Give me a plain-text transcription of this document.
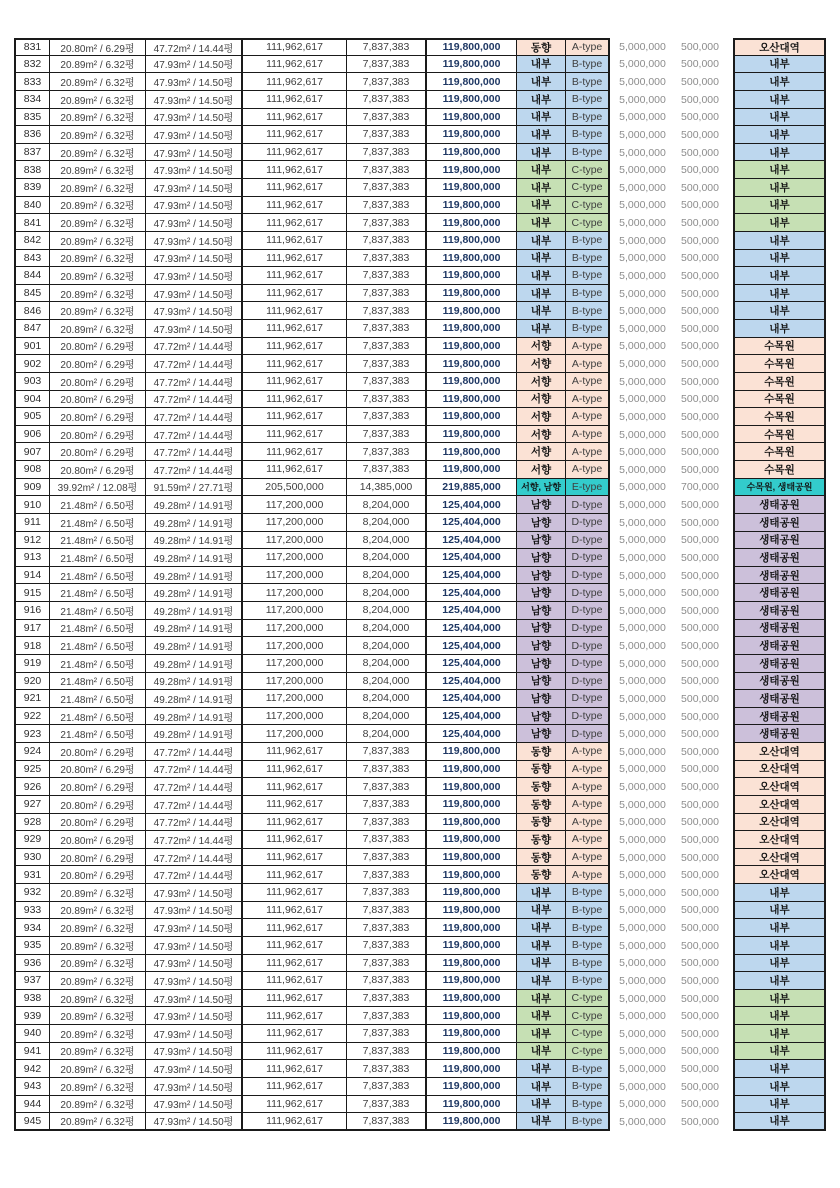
831	20.80m² / 6.29평	47.72m² / 14.44평	111,962,617	7,837,383	119,800,000	동향	A-type	5,000,000	500,000	오산대역
832	20.89m² / 6.32평	47.93m² / 14.50평	111,962,617	7,837,383	119,800,000	내부	B-type	5,000,000	500,000	내부
833	20.89m² / 6.32평	47.93m² / 14.50평	111,962,617	7,837,383	119,800,000	내부	B-type	5,000,000	500,000	내부
834	20.89m² / 6.32평	47.93m² / 14.50평	111,962,617	7,837,383	119,800,000	내부	B-type	5,000,000	500,000	내부
835	20.89m² / 6.32평	47.93m² / 14.50평	111,962,617	7,837,383	119,800,000	내부	B-type	5,000,000	500,000	내부
836	20.89m² / 6.32평	47.93m² / 14.50평	111,962,617	7,837,383	119,800,000	내부	B-type	5,000,000	500,000	내부
837	20.89m² / 6.32평	47.93m² / 14.50평	111,962,617	7,837,383	119,800,000	내부	B-type	5,000,000	500,000	내부
838	20.89m² / 6.32평	47.93m² / 14.50평	111,962,617	7,837,383	119,800,000	내부	C-type	5,000,000	500,000	내부
839	20.89m² / 6.32평	47.93m² / 14.50평	111,962,617	7,837,383	119,800,000	내부	C-type	5,000,000	500,000	내부
840	20.89m² / 6.32평	47.93m² / 14.50평	111,962,617	7,837,383	119,800,000	내부	C-type	5,000,000	500,000	내부
841	20.89m² / 6.32평	47.93m² / 14.50평	111,962,617	7,837,383	119,800,000	내부	C-type	5,000,000	500,000	내부
842	20.89m² / 6.32평	47.93m² / 14.50평	111,962,617	7,837,383	119,800,000	내부	B-type	5,000,000	500,000	내부
843	20.89m² / 6.32평	47.93m² / 14.50평	111,962,617	7,837,383	119,800,000	내부	B-type	5,000,000	500,000	내부
844	20.89m² / 6.32평	47.93m² / 14.50평	111,962,617	7,837,383	119,800,000	내부	B-type	5,000,000	500,000	내부
845	20.89m² / 6.32평	47.93m² / 14.50평	111,962,617	7,837,383	119,800,000	내부	B-type	5,000,000	500,000	내부
846	20.89m² / 6.32평	47.93m² / 14.50평	111,962,617	7,837,383	119,800,000	내부	B-type	5,000,000	500,000	내부
847	20.89m² / 6.32평	47.93m² / 14.50평	111,962,617	7,837,383	119,800,000	내부	B-type	5,000,000	500,000	내부
901	20.80m² / 6.29평	47.72m² / 14.44평	111,962,617	7,837,383	119,800,000	서향	A-type	5,000,000	500,000	수목원
902	20.80m² / 6.29평	47.72m² / 14.44평	111,962,617	7,837,383	119,800,000	서향	A-type	5,000,000	500,000	수목원
903	20.80m² / 6.29평	47.72m² / 14.44평	111,962,617	7,837,383	119,800,000	서향	A-type	5,000,000	500,000	수목원
904	20.80m² / 6.29평	47.72m² / 14.44평	111,962,617	7,837,383	119,800,000	서향	A-type	5,000,000	500,000	수목원
905	20.80m² / 6.29평	47.72m² / 14.44평	111,962,617	7,837,383	119,800,000	서향	A-type	5,000,000	500,000	수목원
906	20.80m² / 6.29평	47.72m² / 14.44평	111,962,617	7,837,383	119,800,000	서향	A-type	5,000,000	500,000	수목원
907	20.80m² / 6.29평	47.72m² / 14.44평	111,962,617	7,837,383	119,800,000	서향	A-type	5,000,000	500,000	수목원
908	20.80m² / 6.29평	47.72m² / 14.44평	111,962,617	7,837,383	119,800,000	서향	A-type	5,000,000	500,000	수목원
909	39.92m² / 12.08평	91.59m² / 27.71평	205,500,000	14,385,000	219,885,000	서향, 남향	E-type	5,000,000	700,000	수목원, 생태공원
910	21.48m² / 6.50평	49.28m² / 14.91평	117,200,000	8,204,000	125,404,000	남향	D-type	5,000,000	500,000	생태공원
911	21.48m² / 6.50평	49.28m² / 14.91평	117,200,000	8,204,000	125,404,000	남향	D-type	5,000,000	500,000	생태공원
912	21.48m² / 6.50평	49.28m² / 14.91평	117,200,000	8,204,000	125,404,000	남향	D-type	5,000,000	500,000	생태공원
913	21.48m² / 6.50평	49.28m² / 14.91평	117,200,000	8,204,000	125,404,000	남향	D-type	5,000,000	500,000	생태공원
914	21.48m² / 6.50평	49.28m² / 14.91평	117,200,000	8,204,000	125,404,000	남향	D-type	5,000,000	500,000	생태공원
915	21.48m² / 6.50평	49.28m² / 14.91평	117,200,000	8,204,000	125,404,000	남향	D-type	5,000,000	500,000	생태공원
916	21.48m² / 6.50평	49.28m² / 14.91평	117,200,000	8,204,000	125,404,000	남향	D-type	5,000,000	500,000	생태공원
917	21.48m² / 6.50평	49.28m² / 14.91평	117,200,000	8,204,000	125,404,000	남향	D-type	5,000,000	500,000	생태공원
918	21.48m² / 6.50평	49.28m² / 14.91평	117,200,000	8,204,000	125,404,000	남향	D-type	5,000,000	500,000	생태공원
919	21.48m² / 6.50평	49.28m² / 14.91평	117,200,000	8,204,000	125,404,000	남향	D-type	5,000,000	500,000	생태공원
920	21.48m² / 6.50평	49.28m² / 14.91평	117,200,000	8,204,000	125,404,000	남향	D-type	5,000,000	500,000	생태공원
921	21.48m² / 6.50평	49.28m² / 14.91평	117,200,000	8,204,000	125,404,000	남향	D-type	5,000,000	500,000	생태공원
922	21.48m² / 6.50평	49.28m² / 14.91평	117,200,000	8,204,000	125,404,000	남향	D-type	5,000,000	500,000	생태공원
923	21.48m² / 6.50평	49.28m² / 14.91평	117,200,000	8,204,000	125,404,000	남향	D-type	5,000,000	500,000	생태공원
924	20.80m² / 6.29평	47.72m² / 14.44평	111,962,617	7,837,383	119,800,000	동향	A-type	5,000,000	500,000	오산대역
925	20.80m² / 6.29평	47.72m² / 14.44평	111,962,617	7,837,383	119,800,000	동향	A-type	5,000,000	500,000	오산대역
926	20.80m² / 6.29평	47.72m² / 14.44평	111,962,617	7,837,383	119,800,000	동향	A-type	5,000,000	500,000	오산대역
927	20.80m² / 6.29평	47.72m² / 14.44평	111,962,617	7,837,383	119,800,000	동향	A-type	5,000,000	500,000	오산대역
928	20.80m² / 6.29평	47.72m² / 14.44평	111,962,617	7,837,383	119,800,000	동향	A-type	5,000,000	500,000	오산대역
929	20.80m² / 6.29평	47.72m² / 14.44평	111,962,617	7,837,383	119,800,000	동향	A-type	5,000,000	500,000	오산대역
930	20.80m² / 6.29평	47.72m² / 14.44평	111,962,617	7,837,383	119,800,000	동향	A-type	5,000,000	500,000	오산대역
931	20.80m² / 6.29평	47.72m² / 14.44평	111,962,617	7,837,383	119,800,000	동향	A-type	5,000,000	500,000	오산대역
932	20.89m² / 6.32평	47.93m² / 14.50평	111,962,617	7,837,383	119,800,000	내부	B-type	5,000,000	500,000	내부
933	20.89m² / 6.32평	47.93m² / 14.50평	111,962,617	7,837,383	119,800,000	내부	B-type	5,000,000	500,000	내부
934	20.89m² / 6.32평	47.93m² / 14.50평	111,962,617	7,837,383	119,800,000	내부	B-type	5,000,000	500,000	내부
935	20.89m² / 6.32평	47.93m² / 14.50평	111,962,617	7,837,383	119,800,000	내부	B-type	5,000,000	500,000	내부
936	20.89m² / 6.32평	47.93m² / 14.50평	111,962,617	7,837,383	119,800,000	내부	B-type	5,000,000	500,000	내부
937	20.89m² / 6.32평	47.93m² / 14.50평	111,962,617	7,837,383	119,800,000	내부	B-type	5,000,000	500,000	내부
938	20.89m² / 6.32평	47.93m² / 14.50평	111,962,617	7,837,383	119,800,000	내부	C-type	5,000,000	500,000	내부
939	20.89m² / 6.32평	47.93m² / 14.50평	111,962,617	7,837,383	119,800,000	내부	C-type	5,000,000	500,000	내부
940	20.89m² / 6.32평	47.93m² / 14.50평	111,962,617	7,837,383	119,800,000	내부	C-type	5,000,000	500,000	내부
941	20.89m² / 6.32평	47.93m² / 14.50평	111,962,617	7,837,383	119,800,000	내부	C-type	5,000,000	500,000	내부
942	20.89m² / 6.32평	47.93m² / 14.50평	111,962,617	7,837,383	119,800,000	내부	B-type	5,000,000	500,000	내부
943	20.89m² / 6.32평	47.93m² / 14.50평	111,962,617	7,837,383	119,800,000	내부	B-type	5,000,000	500,000	내부
944	20.89m² / 6.32평	47.93m² / 14.50평	111,962,617	7,837,383	119,800,000	내부	B-type	5,000,000	500,000	내부
945	20.89m² / 6.32평	47.93m² / 14.50평	111,962,617	7,837,383	119,800,000	내부	B-type	5,000,000	500,000	내부
